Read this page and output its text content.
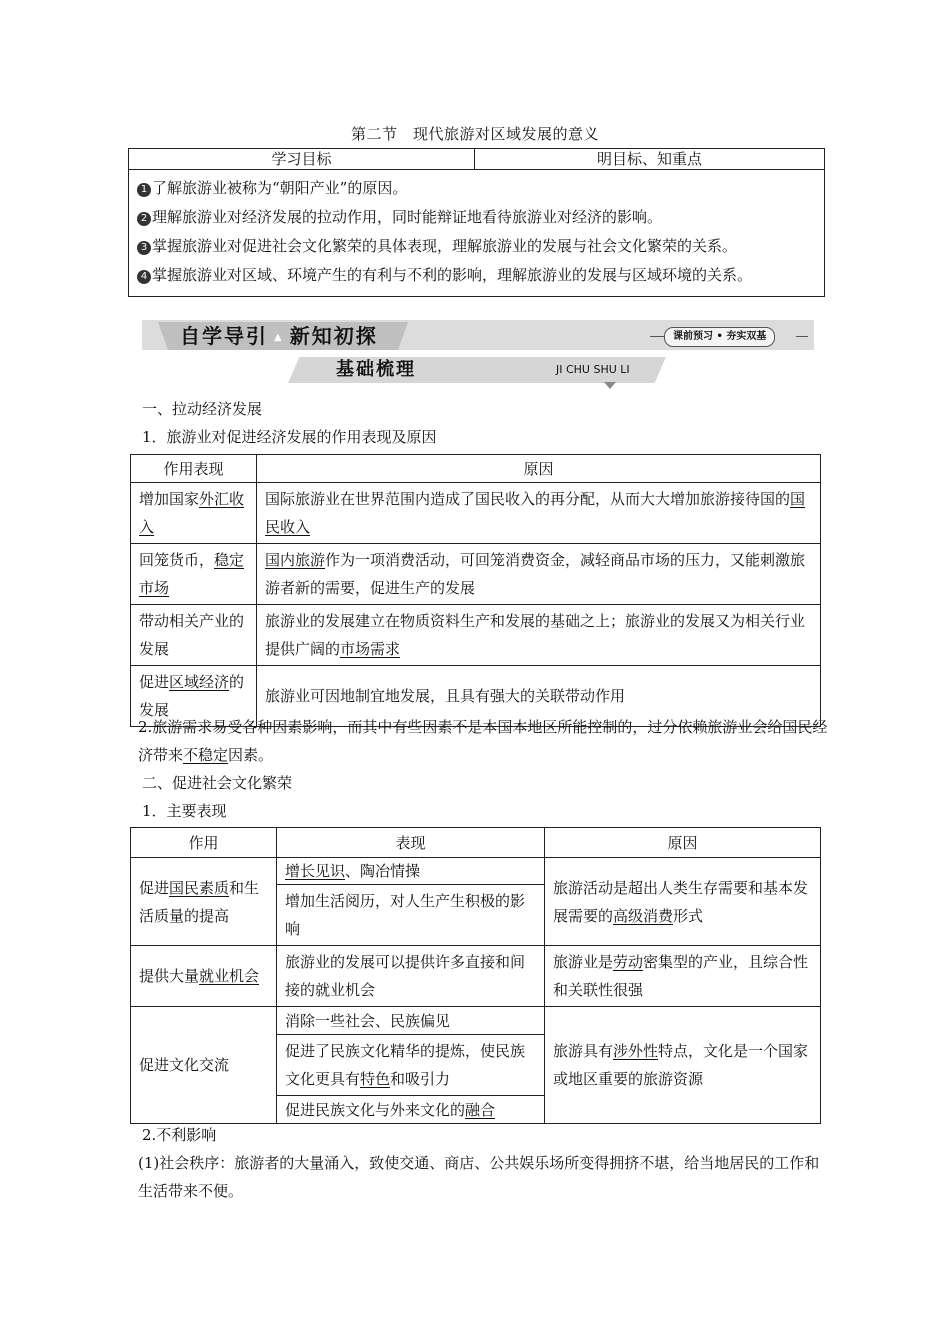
第二节　现代旅游对区域发展的意义
学习目标	明目标、知重点

1 了解旅游业被称为“朝阳产业”的原因。
2 理解旅游业对经济发展的拉动作用，同时能辩证地看待旅游业对经济的影响。
3 掌握旅游业对促进社会文化繁荣的具体表现，理解旅游业的发展与社会文化繁荣的关系。
4 掌握旅游业对区域、环境产生的有利与不利的影响，理解旅游业的发展与区域环境的关系。
自学导引 ▲ 新知初探	课前预习 • 夯实双基
基础梳理	JI CHU SHU LI
一、拉动经济发展
1．旅游业对促进经济发展的作用表现及原因
作用表现	原因
增加国家外汇收入	国际旅游业在世界范围内造成了国民收入的再分配，从而大大增加旅游接待国的国民收入
回笼货币，稳定市场	国内旅游作为一项消费活动，可回笼消费资金，减轻商品市场的压力，又能刺激旅游者新的需要，促进生产的发展
带动相关产业的发展	旅游业的发展建立在物质资料生产和发展的基础之上；旅游业的发展又为相关行业提供广阔的市场需求
促进区域经济的发展	旅游业可因地制宜地发展，且具有强大的关联带动作用
2.旅游需求易受各种因素影响，而其中有些因素不是本国本地区所能控制的，过分依赖旅游业会给国民经济带来不稳定因素。
二、促进社会文化繁荣
1．主要表现
作用	表现	原因
促进国民素质和生活质量的提高	增长见识、陶冶情操	旅游活动是超出人类生存需要和基本发展需要的高级消费形式
	增加生活阅历，对人生产生积极的影响	
提供大量就业机会	旅游业的发展可以提供许多直接和间接的就业机会	旅游业是劳动密集型的产业，且综合性和关联性很强
促进文化交流	消除一些社会、民族偏见	旅游具有涉外性特点，文化是一个国家或地区重要的旅游资源
	促进了民族文化精华的提炼，使民族文化更具有特色和吸引力	
	促进民族文化与外来文化的融合	
2.不利影响
(1)社会秩序：旅游者的大量涌入，致使交通、商店、公共娱乐场所变得拥挤不堪，给当地居民的工作和生活带来不便。
